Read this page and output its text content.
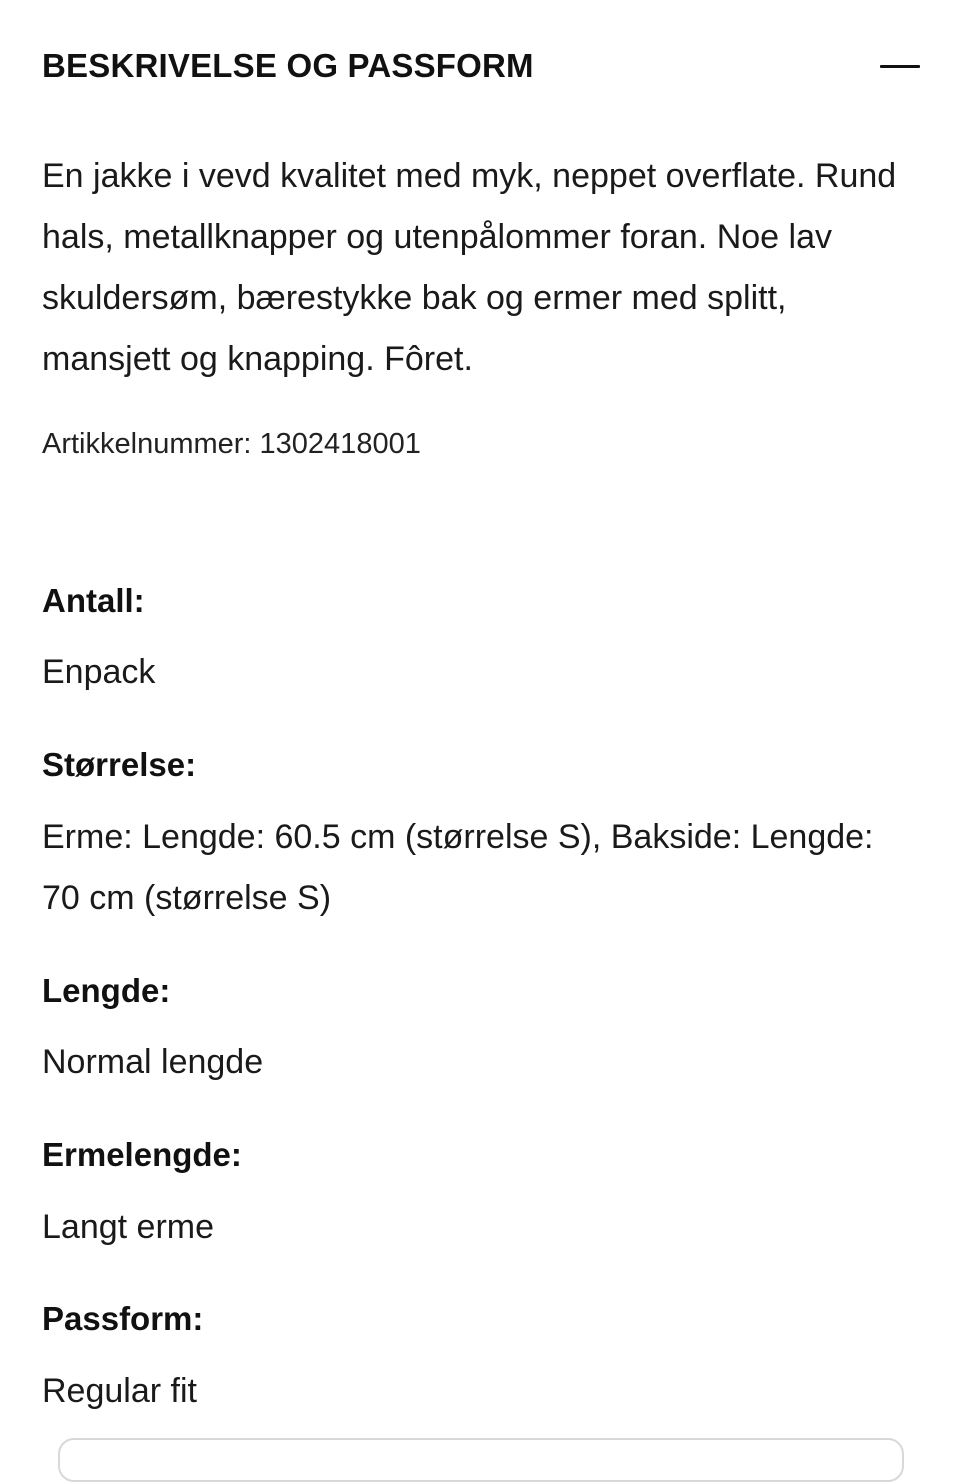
BESKRIVELSE OG PASSFORM
En jakke i vevd kvalitet med myk, neppet overflate. Rund hals, metallknapper og utenpålommer foran. Noe lav skuldersøm, bærestykke bak og ermer med splitt, mansjett og knapping. Fôret.
Artikkelnummer: 1302418001
Antall:
Enpack
Størrelse:
Erme: Lengde: 60.5 cm (størrelse S), Bakside: Lengde: 70 cm (størrelse S)
Lengde:
Normal lengde
Ermelengde:
Langt erme
Passform:
Regular fit
